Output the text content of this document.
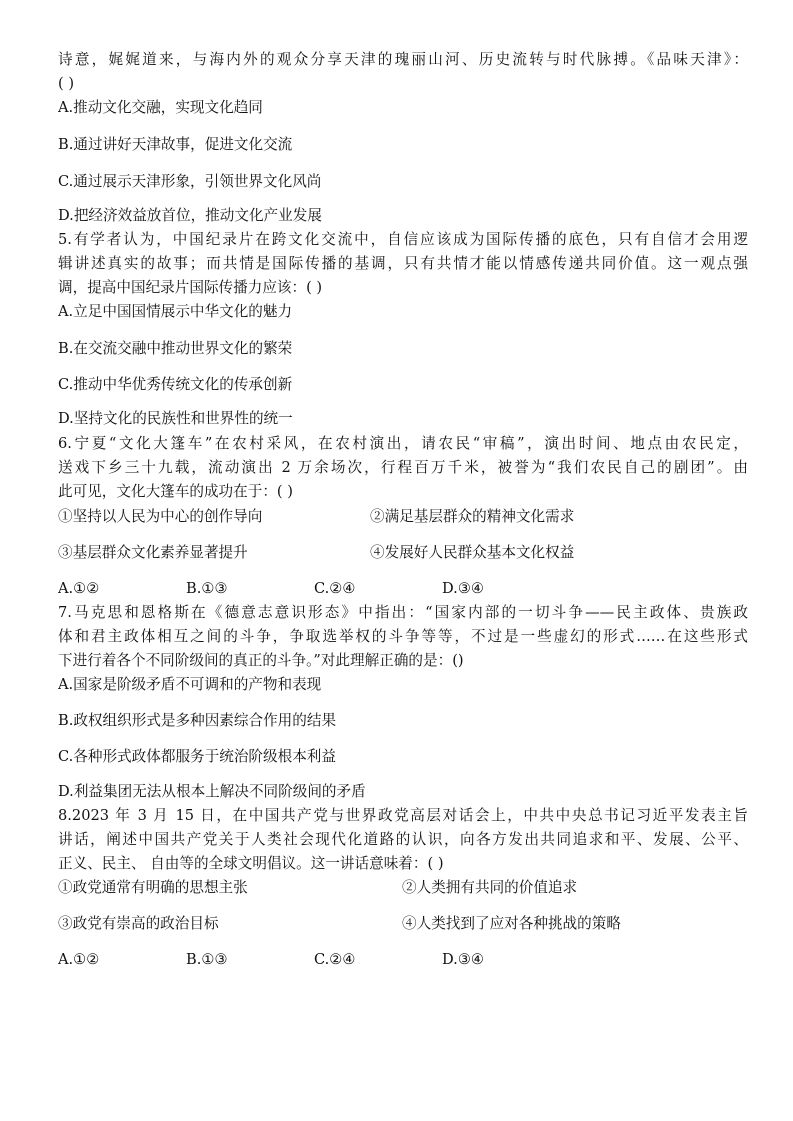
诗意，娓娓道来，与海内外的观众分享天津的瑰丽山河、历史流转与时代脉搏。《品味天津》：
( )
A.推动文化交融，实现文化趋同
B.通过讲好天津故事，促进文化交流
C.通过展示天津形象，引领世界文化风尚
D.把经济效益放首位，推动文化产业发展
5.有学者认为，中国纪录片在跨文化交流中，自信应该成为国际传播的底色，只有自信才会用逻
辑讲述真实的故事；而共情是国际传播的基调，只有共情才能以情感传递共同价值。这一观点强
调，提高中国纪录片国际传播力应该：( )
A.立足中国国情展示中华文化的魅力
B.在交流交融中推动世界文化的繁荣
C.推动中华优秀传统文化的传承创新
D.坚持文化的民族性和世界性的统一
6.宁夏“文化大篷车”在农村采风，在农村演出，请农民“审稿”，演出时间、地点由农民定，
送戏下乡三十九载，流动演出 2 万余场次，行程百万千米，被誉为“我们农民自己的剧团”。由
此可见，文化大篷车的成功在于：( )
①坚持以人民为中心的创作导向	②满足基层群众的精神文化需求
③基层群众文化素养显著提升	④发展好人民群众基本文化权益
A.①②	B.①③	C.②④	D.③④
7.马克思和恩格斯在《德意志意识形态》中指出：“国家内部的一切斗争——民主政体、贵族政
体和君主政体相互之间的斗争，争取选举权的斗争等等，不过是一些虚幻的形式……在这些形式
下进行着各个不同阶级间的真正的斗争。”对此理解正确的是：()
A.国家是阶级矛盾不可调和的产物和表现
B.政权组织形式是多种因素综合作用的结果
C.各种形式政体都服务于统治阶级根本利益
D.利益集团无法从根本上解决不同阶级间的矛盾
8.2023 年 3 月 15 日，在中国共产党与世界政党高层对话会上，中共中央总书记习近平发表主旨
讲话，阐述中国共产党关于人类社会现代化道路的认识，向各方发出共同追求和平、发展、公平、
正义、民主、 自由等的全球文明倡议。这一讲话意味着：( )
①政党通常有明确的思想主张	②人类拥有共同的价值追求
③政党有崇高的政治目标	④人类找到了应对各种挑战的策略
A.①②	B.①③	C.②④	D.③④
